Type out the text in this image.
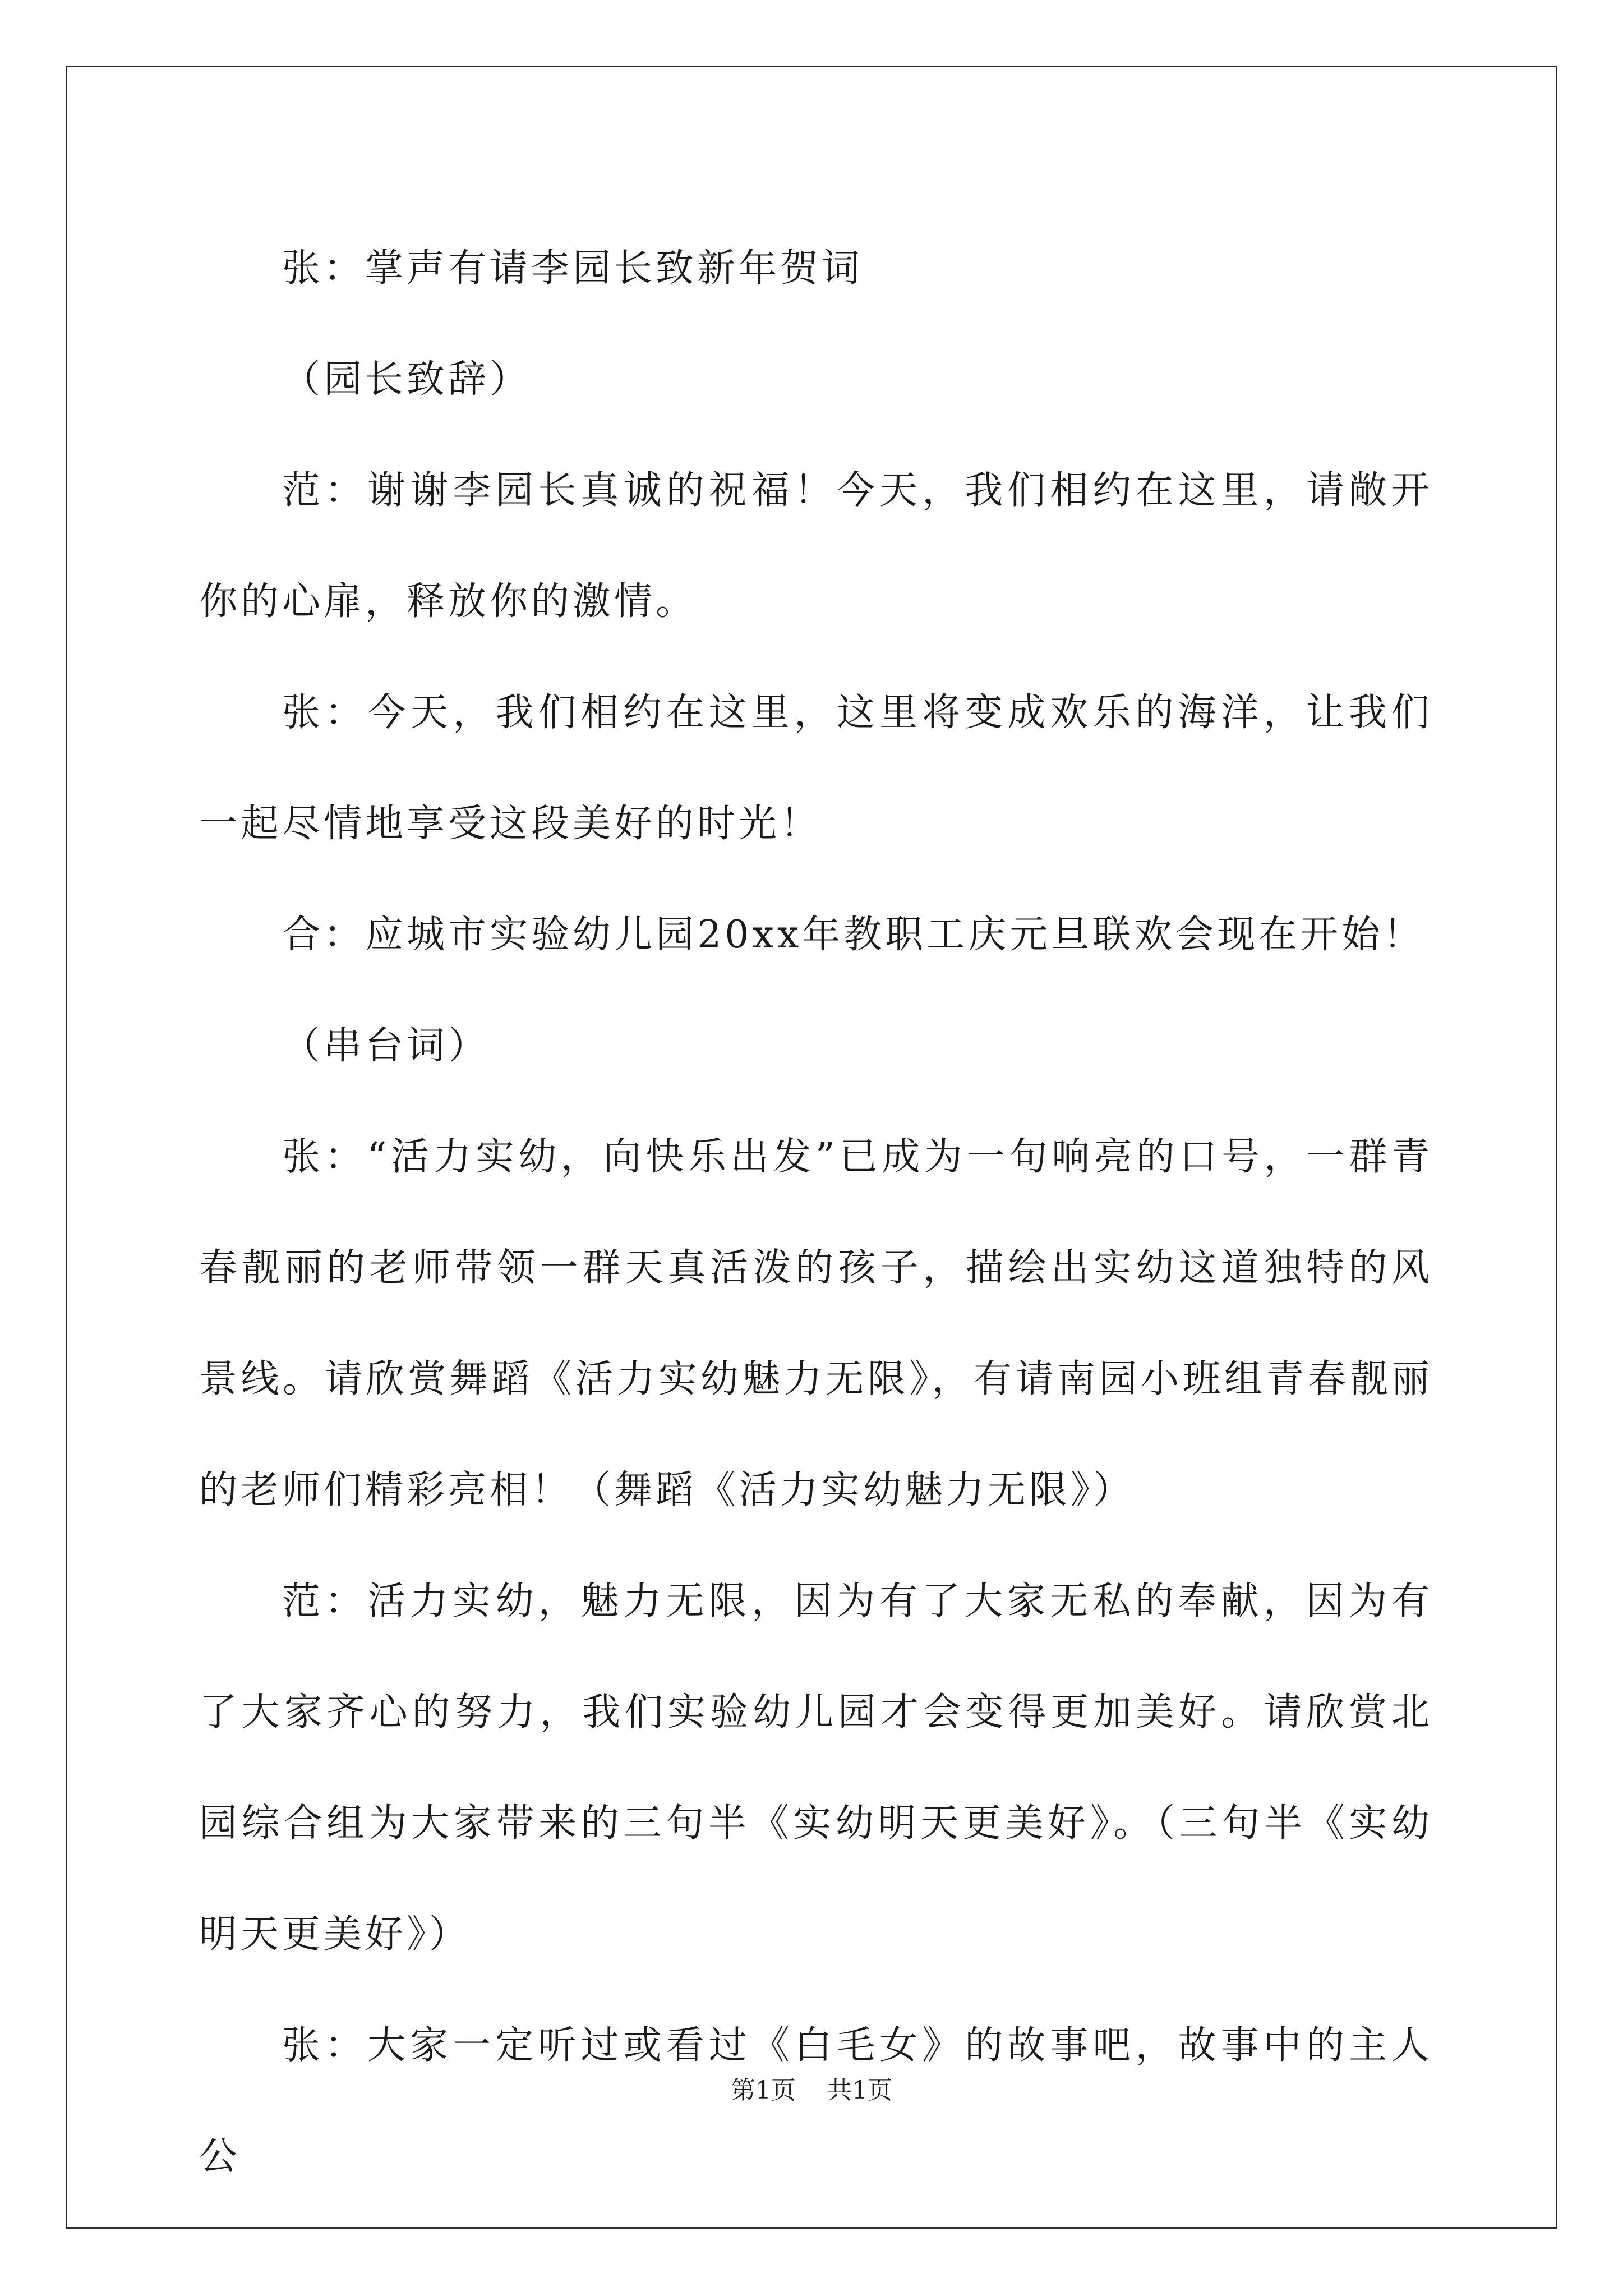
张：掌声有请李园长致新年贺词

（园长致辞）

范：谢谢李园长真诚的祝福！今天，我们相约在这里，请敞开你的心扉，释放你的激情。

张：今天，我们相约在这里，这里将变成欢乐的海洋，让我们一起尽情地享受这段美好的时光！

合：应城市实验幼儿园20xx年教职工庆元旦联欢会现在开始！

（串台词）

张：“活力实幼，向快乐出发”已成为一句响亮的口号，一群青春靓丽的老师带领一群天真活泼的孩子，描绘出实幼这道独特的风景线。请欣赏舞蹈《活力实幼魅力无限》，有请南园小班组青春靓丽的老师们精彩亮相！（舞蹈《活力实幼魅力无限》）

范：活力实幼，魅力无限，因为有了大家无私的奉献，因为有了大家齐心的努力，我们实验幼儿园才会变得更加美好。请欣赏北园综合组为大家带来的三句半《实幼明天更美好》。（三句半《实幼明天更美好》）

张：大家一定听过或看过《白毛女》的故事吧，故事中的主人公

第1页 共1页
